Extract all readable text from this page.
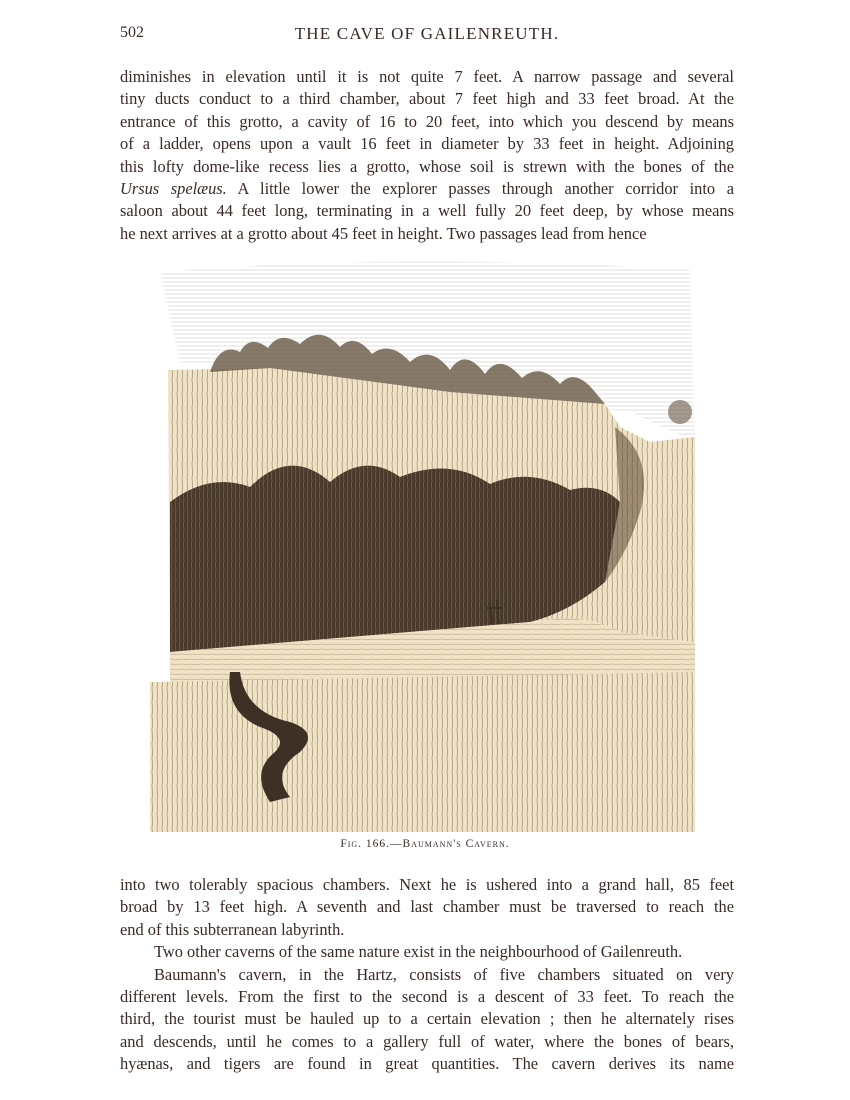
502	THE CAVE OF GAILENREUTH.
diminishes in elevation until it is not quite 7 feet. A narrow passage and several
tiny ducts conduct to a third chamber, about 7 feet high and 33 feet broad. At the
entrance of this grotto, a cavity of 16 to 20 feet, into which you descend by means
of a ladder, opens upon a vault 16 feet in diameter by 33 feet in height. Adjoining
this lofty dome-like recess lies a grotto, whose soil is strewn with the bones of the
Ursus spelæus. A little lower the explorer passes through another corridor into a
saloon about 44 feet long, terminating in a well fully 20 feet deep, by whose means
he next arrives at a grotto about 45 feet in height. Two passages lead from hence
Fig. 166.—Baumann's Cavern.
into two tolerably spacious chambers. Next he is ushered into a grand hall, 85 feet
broad by 13 feet high. A seventh and last chamber must be traversed to reach the
end of this subterranean labyrinth.
Two other caverns of the same nature exist in the neighbourhood of Gailenreuth.
Baumann's cavern, in the Hartz, consists of five chambers situated on very
different levels. From the first to the second is a descent of 33 feet. To reach the
third, the tourist must be hauled up to a certain elevation ; then he alternately rises
and descends, until he comes to a gallery full of water, where the bones of bears,
hyænas, and tigers are found in great quantities. The cavern derives its name
